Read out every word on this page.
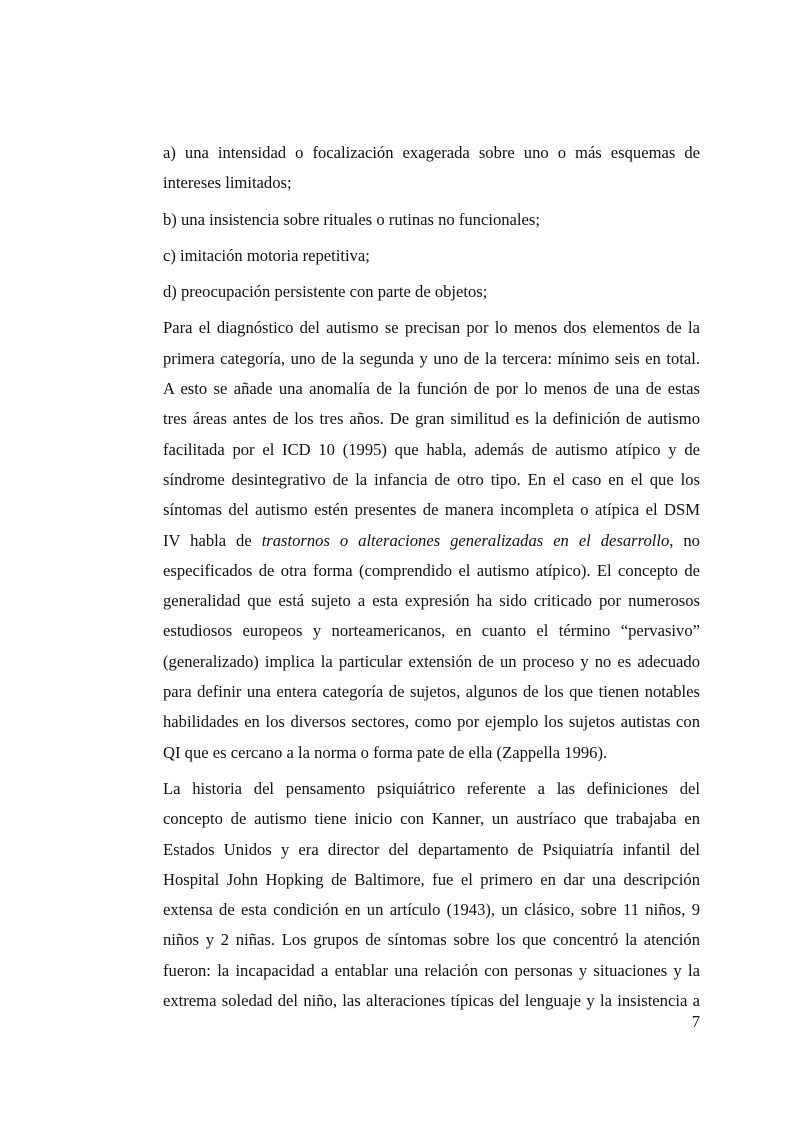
a) una intensidad o focalización exagerada sobre uno o más esquemas de
intereses limitados;
b) una insistencia sobre rituales o rutinas no funcionales;
c) imitación motoria repetitiva;
d) preocupación persistente con parte de objetos;
Para el diagnóstico del autismo se precisan por lo menos dos elementos de la
primera categoría, uno de la segunda y uno de la tercera: mínimo seis en total.
A esto se añade una anomalía de la función de por lo menos de una de estas
tres áreas antes de los tres años. De gran similitud es la definición de autismo
facilitada por el ICD 10 (1995) que habla, además de autismo atípico y de
síndrome desintegrativo de la infancia de otro tipo. En el caso en el que los
síntomas del autismo estén presentes de manera incompleta o atípica el DSM
IV habla de trastornos o alteraciones generalizadas en el desarrollo, no
especificados de otra forma (comprendido el autismo atípico). El concepto de
generalidad que está sujeto a esta expresión ha sido criticado por numerosos
estudiosos europeos y norteamericanos, en cuanto el término “pervasivo”
(generalizado) implica la particular extensión de un proceso y no es adecuado
para definir una entera categoría de sujetos, algunos de los que tienen notables
habilidades en los diversos sectores, como por ejemplo los sujetos autistas con
QI que es cercano a la norma o forma pate de ella (Zappella 1996).
La historia del pensamento psiquiátrico referente a las definiciones del
concepto de autismo tiene inicio con Kanner, un austríaco que trabajaba en
Estados Unidos y era director del departamento de Psiquiatría infantil del
Hospital John Hopking de Baltimore, fue el primero en dar una descripción
extensa de esta condición en un artículo (1943), un clásico, sobre 11 niños, 9
niños y 2 niñas. Los grupos de síntomas sobre los que concentró la atención
fueron: la incapacidad a entablar una relación con personas y situaciones y la
extrema soledad del niño, las alteraciones típicas del lenguaje y la insistencia a
7
